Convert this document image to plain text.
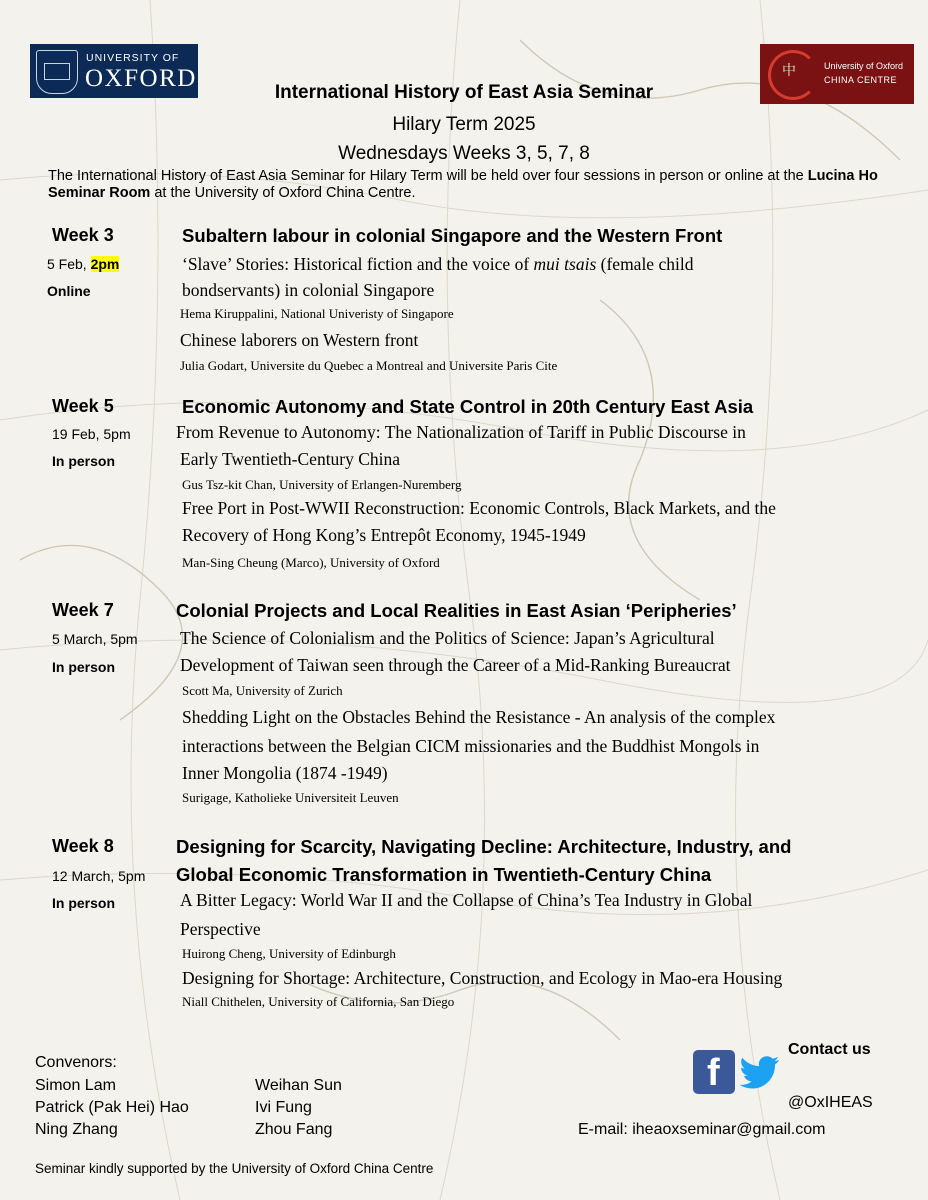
UNIVERSITY OF
OXFORD	中	University of Oxford
CHINA CENTRE
International History of East Asia Seminar
Hilary Term 2025
Wednesdays Weeks 3, 5, 7, 8
The International History of East Asia Seminar for Hilary Term will be held over four sessions in person or online at the Lucina Ho Seminar Room at the University of Oxford China Centre.
Week 3
5 Feb, 2pm
Online
Subaltern labour in colonial Singapore and the Western Front
‘Slave’ Stories: Historical fiction and the voice of mui tsais (female child
bondservants) in colonial Singapore
Hema Kiruppalini, National Univeristy of Singapore
Chinese laborers on Western front
Julia Godart, Universite du Quebec a Montreal and Universite Paris Cite
Week 5
19 Feb, 5pm
In person
Economic Autonomy and State Control in 20th Century East Asia
From Revenue to Autonomy: The Nationalization of Tariff in Public Discourse in
Early Twentieth-Century China
Gus Tsz-kit Chan, University of Erlangen-Nuremberg
Free Port in Post-WWII Reconstruction: Economic Controls, Black Markets, and the
Recovery of Hong Kong’s Entrepôt Economy, 1945-1949
Man-Sing Cheung (Marco), University of Oxford
Week 7
5 March, 5pm
In person
Colonial Projects and Local Realities in East Asian ‘Peripheries’
The Science of Colonialism and the Politics of Science: Japan’s Agricultural
Development of Taiwan seen through the Career of a Mid-Ranking Bureaucrat
Scott Ma, University of Zurich
Shedding Light on the Obstacles Behind the Resistance - An analysis of the complex
interactions between the Belgian CICM missionaries and the Buddhist Mongols in
Inner Mongolia (1874 -1949)
Surigage, Katholieke Universiteit Leuven
Week 8
12 March, 5pm
In person
Designing for Scarcity, Navigating Decline: Architecture, Industry, and
Global Economic Transformation in Twentieth-Century China
A Bitter Legacy: World War II and the Collapse of China’s Tea Industry in Global
Perspective
Huirong Cheng, University of Edinburgh
Designing for Shortage: Architecture, Construction, and Ecology in Mao-era Housing
Niall Chithelen, University of California, San Diego
Convenors:
Simon Lam
Patrick (Pak Hei) Hao
Ning Zhang
Weihan Sun
Ivi Fung
Zhou Fang
Contact us
f
@OxIHEAS
E-mail: iheaoxseminar@gmail.com
Seminar kindly supported by the University of Oxford China Centre
